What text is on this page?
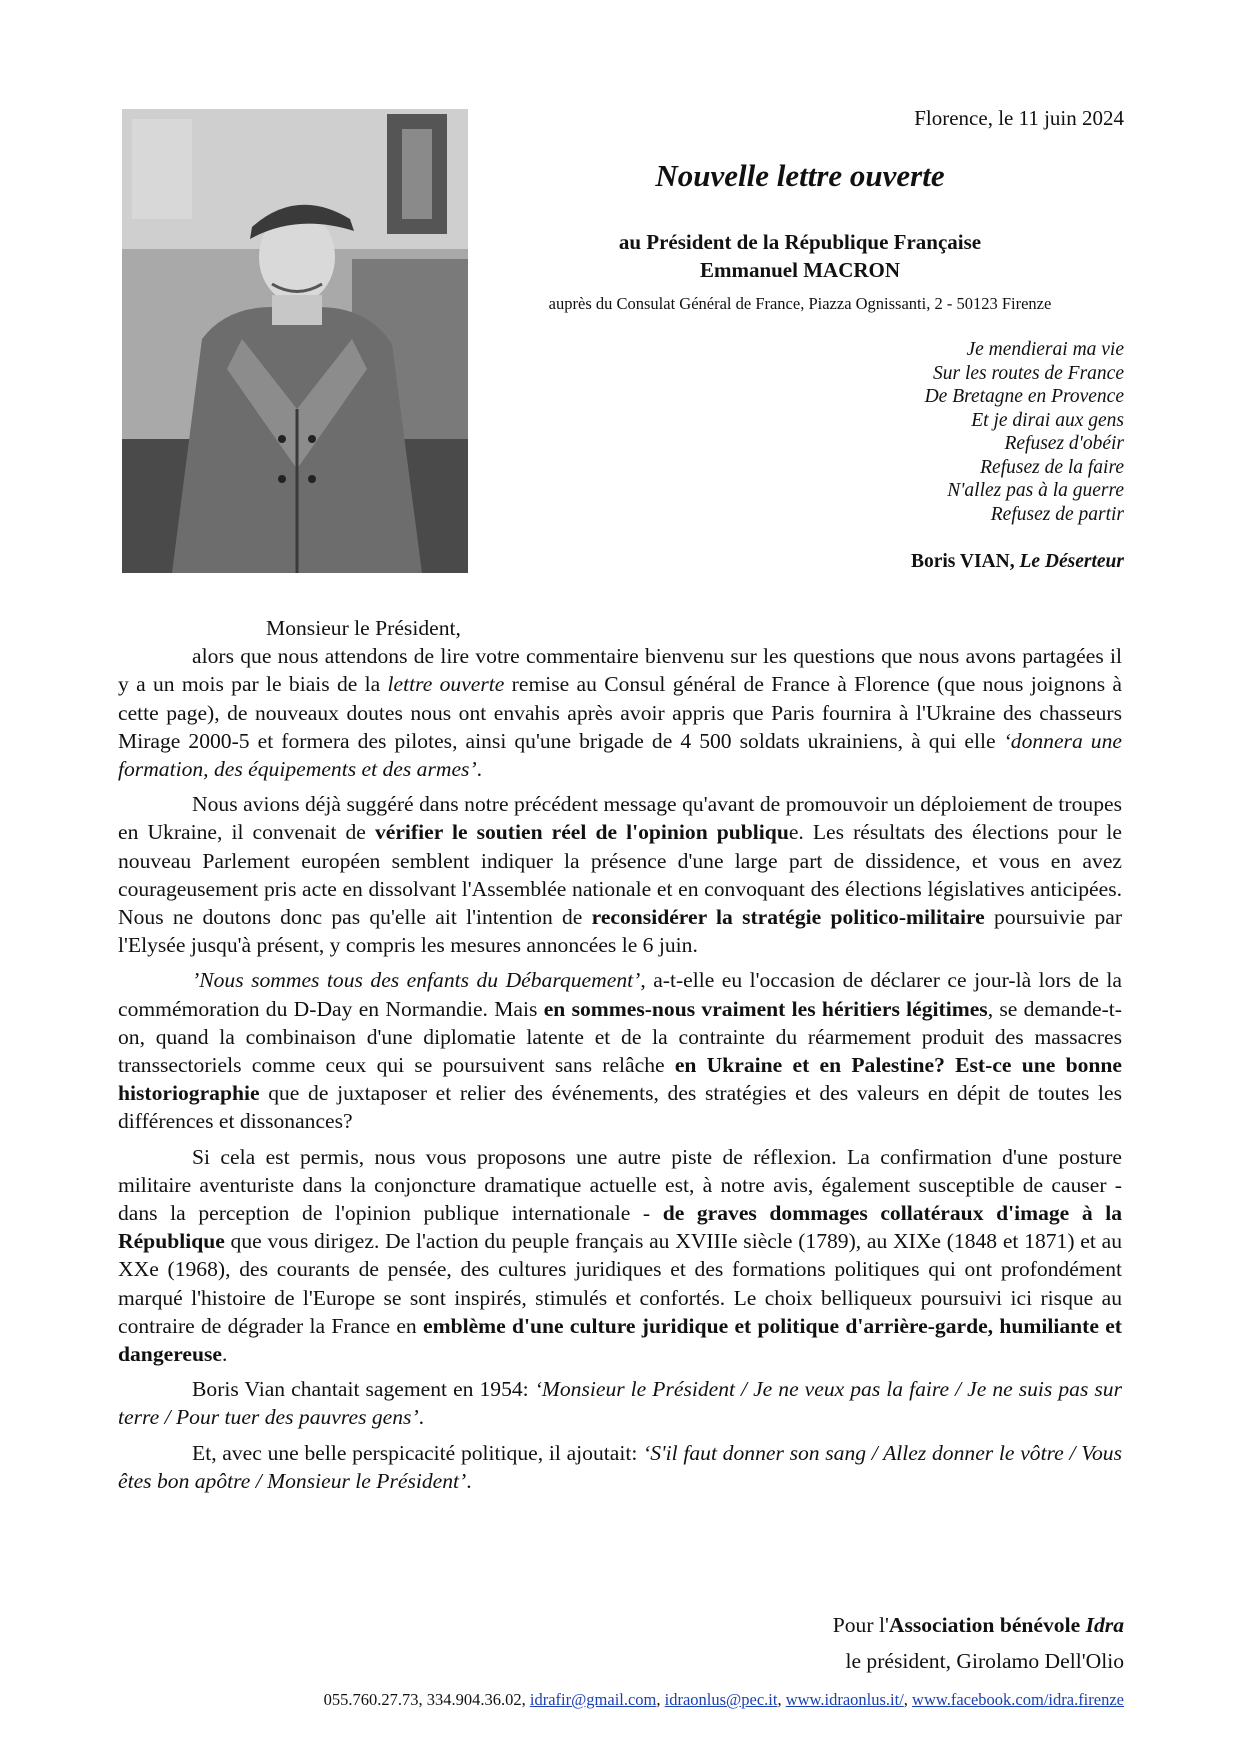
Florence, le 11 juin 2024
Nouvelle lettre ouverte
au Président de la République Française
Emmanuel MACRON
auprès du Consulat Général de France, Piazza Ognissanti, 2 - 50123 Firenze
Je mendierai ma vie
Sur les routes de France
De Bretagne en Provence
Et je dirai aux gens
Refusez d'obéir
Refusez de la faire
N'allez pas à la guerre
Refusez de partir
Boris VIAN, Le Déserteur

Monsieur le Président,

alors que nous attendons de lire votre commentaire bienvenu sur les questions que nous avons partagées il y a un mois par le biais de la lettre ouverte remise au Consul général de France à Florence (que nous joignons à cette page), de nouveaux doutes nous ont envahis après avoir appris que Paris fournira à l'Ukraine des chasseurs Mirage 2000-5 et formera des pilotes, ainsi qu'une brigade de 4 500 soldats ukrainiens, à qui elle ‘donnera une formation, des équipements et des armes’.

Nous avions déjà suggéré dans notre précédent message qu'avant de promouvoir un déploiement de troupes en Ukraine, il convenait de vérifier le soutien réel de l'opinion publique. Les résultats des élections pour le nouveau Parlement européen semblent indiquer la présence d'une large part de dissidence, et vous en avez courageusement pris acte en dissolvant l'Assemblée nationale et en convoquant des élections législatives anticipées. Nous ne doutons donc pas qu'elle ait l'intention de reconsidérer la stratégie politico-militaire poursuivie par l'Elysée jusqu'à présent, y compris les mesures annoncées le 6 juin.

’Nous sommes tous des enfants du Débarquement’, a-t-elle eu l'occasion de déclarer ce jour-là lors de la commémoration du D-Day en Normandie. Mais en sommes-nous vraiment les héritiers légitimes, se demande-t-on, quand la combinaison d'une diplomatie latente et de la contrainte du réarmement produit des massacres transsectoriels comme ceux qui se poursuivent sans relâche en Ukraine et en Palestine? Est-ce une bonne historiographie que de juxtaposer et relier des événements, des stratégies et des valeurs en dépit de toutes les différences et dissonances?

Si cela est permis, nous vous proposons une autre piste de réflexion. La confirmation d'une posture militaire aventuriste dans la conjoncture dramatique actuelle est, à notre avis, également susceptible de causer - dans la perception de l'opinion publique internationale - de graves dommages collatéraux d'image à la République que vous dirigez. De l'action du peuple français au XVIIIe siècle (1789), au XIXe (1848 et 1871) et au XXe (1968), des courants de pensée, des cultures juridiques et des formations politiques qui ont profondément marqué l'histoire de l'Europe se sont inspirés, stimulés et confortés. Le choix belliqueux poursuivi ici risque au contraire de dégrader la France en emblème d'une culture juridique et politique d'arrière-garde, humiliante et dangereuse.

Boris Vian chantait sagement en 1954: ‘Monsieur le Président / Je ne veux pas la faire / Je ne suis pas sur terre / Pour tuer des pauvres gens’.

Et, avec une belle perspicacité politique, il ajoutait: ‘S'il faut donner son sang / Allez donner le vôtre / Vous êtes bon apôtre / Monsieur le Président’.

Pour l'Association bénévole Idra
le président, Girolamo Dell'Olio
055.760.27.73, 334.904.36.02, idrafir@gmail.com, idraonlus@pec.it, www.idraonlus.it/, www.facebook.com/idra.firenze
